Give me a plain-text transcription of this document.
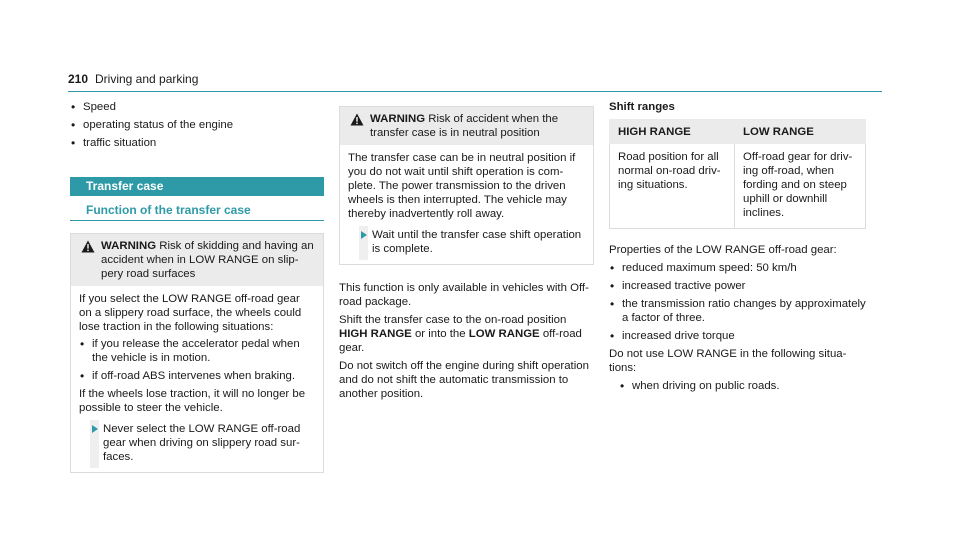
210 Driving and parking
• Speed
• operating status of the engine
• traffic situation
Transfer case
Function of the transfer case
WARNING Risk of skidding and having an accident when in LOW RANGE on slippery road surfaces

If you select the LOW RANGE off-road gear on a slippery road surface, the wheels could lose traction in the following situations:

• if you release the accelerator pedal when the vehicle is in motion.
• if off-road ABS intervenes when braking.

If the wheels lose traction, it will no longer be possible to steer the vehicle.

Never select the LOW RANGE off-road gear when driving on slippery road surfaces.
WARNING Risk of accident when the transfer case is in neutral position

The transfer case can be in neutral position if you do not wait until shift operation is complete. The power transmission to the driven wheels is then interrupted. The vehicle may thereby inadvertently roll away.

Wait until the transfer case shift operation is complete.

This function is only available in vehicles with Off-road package.

Shift the transfer case to the on-road position HIGH RANGE or into the LOW RANGE off-road gear.

Do not switch off the engine during shift operation and do not shift the automatic transmission to another position.

Shift ranges
HIGH RANGE	LOW RANGE
Road position for all normal on-road driving situations.	Off-road gear for driving off-road, when fording and on steep uphill or downhill inclines.

Properties of the LOW RANGE off-road gear:

• reduced maximum speed: 50 km/h
• increased tractive power
• the transmission ratio changes by approximately a factor of three.
• increased drive torque

Do not use LOW RANGE in the following situations:

• when driving on public roads.
